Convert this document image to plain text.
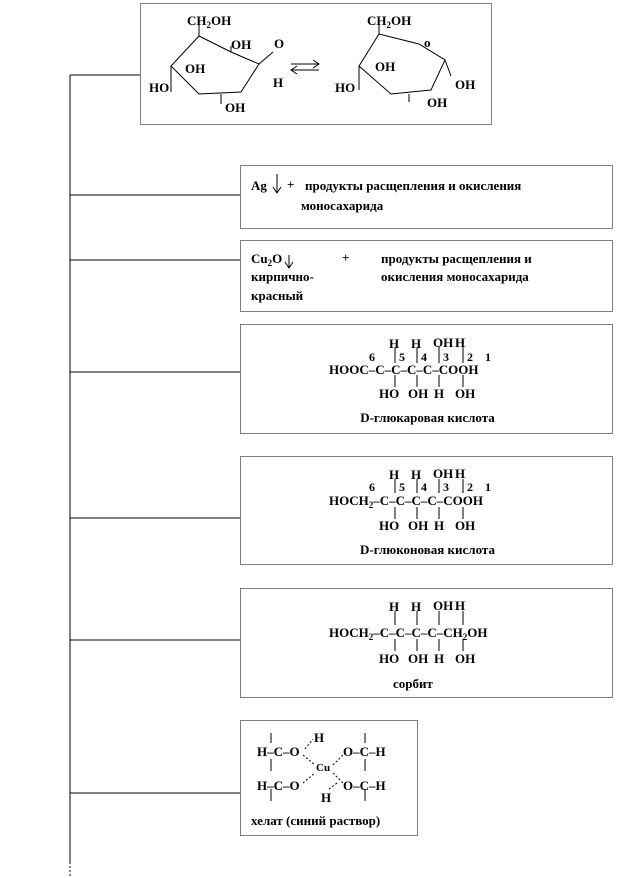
$CH_2OH$
OH O
OH
H
HO
OH
$CH_2OH$
o
OH
HO	OH
OH
Ag + продукты расщепления и окисления
моносахарида
$Cu_2O$	+ продукты расщепления и
окисления моносахарида
кирпично-
красный
H H OH H
6 5 4 3 2 1
HOOC–C–C–C–C–COOH
HO OH H OH
D-глюкаровая кислота
H H OH H
6 5 4 3 2 1
$HOCH_2-C-C-C-C$–COOH
HO OH H OH
D-глюконовая кислота
H H OH H
$HOCH_2-C-C-C-C-CH_2OH$
HO OH H OH
сорбит
H–C–O
H–C–O
O–C–H
O–C–H
H
H
Cu
хелат (синий раствор)
